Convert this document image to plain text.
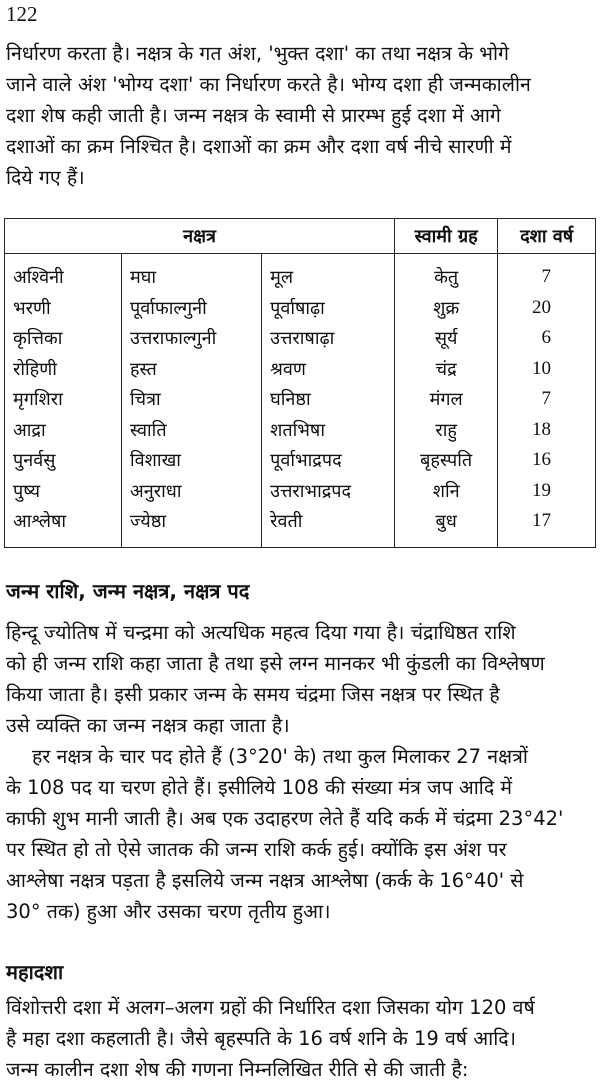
122

निर्धारण करता है। नक्षत्र के गत अंश, 'भुक्त दशा' का तथा नक्षत्र के भोगे
जाने वाले अंश 'भोग्य दशा' का निर्धारण करते है। भोग्य दशा ही जन्मकालीन
दशा शेष कही जाती है। जन्म नक्षत्र के स्वामी से प्रारम्भ हुई दशा में आगे
दशाओं का क्रम निश्चित है। दशाओं का क्रम और दशा वर्ष नीचे सारणी में
दिये गए हैं।

नक्षत्र			स्वामी ग्रह	दशा वर्ष
अश्विनी	मघा	मूल	केतु	7
भरणी	पूर्वाफाल्गुनी	पूर्वाषाढ़ा	शुक्र	20
कृत्तिका	उत्तराफाल्गुनी	उत्तराषाढ़ा	सूर्य	6
रोहिणी	हस्त	श्रवण	चंद्र	10
मृगशिरा	चित्रा	घनिष्ठा	मंगल	7
आद्रा	स्वाति	शतभिषा	राहु	18
पुनर्वसु	विशाखा	पूर्वाभाद्रपद	बृहस्पति	16
पुष्य	अनुराधा	उत्तराभाद्रपद	शनि	19
आश्लेषा	ज्येष्ठा	रेवती	बुध	17
जन्म राशि, जन्म नक्षत्र, नक्षत्र पद

हिन्दू ज्योतिष में चन्द्रमा को अत्यधिक महत्व दिया गया है। चंद्राधिष्ठत राशि
को ही जन्म राशि कहा जाता है तथा इसे लग्न मानकर भी कुंडली का विश्लेषण
किया जाता है। इसी प्रकार जन्म के समय चंद्रमा जिस नक्षत्र पर स्थित है
उसे व्यक्ति का जन्म नक्षत्र कहा जाता है।
हर नक्षत्र के चार पद होते हैं (3°20' के) तथा कुल मिलाकर 27 नक्षत्रों
के 108 पद या चरण होते हैं। इसीलिये 108 की संख्या मंत्र जप आदि में
काफी शुभ मानी जाती है। अब एक उदाहरण लेते हैं यदि कर्क में चंद्रमा 23°42'
पर स्थित हो तो ऐसे जातक की जन्म राशि कर्क हुई। क्योंकि इस अंश पर
आश्लेषा नक्षत्र पड़ता है इसलिये जन्म नक्षत्र आश्लेषा (कर्क के 16°40' से
30° तक) हुआ और उसका चरण तृतीय हुआ।

महादशा

विंशोत्तरी दशा में अलग–अलग ग्रहों की निर्धारित दशा जिसका योग 120 वर्ष
है महा दशा कहलाती है। जैसे बृहस्पति के 16 वर्ष शनि के 19 वर्ष आदि।
जन्म कालीन दशा शेष की गणना निम्नलिखित रीति से की जाती है:
